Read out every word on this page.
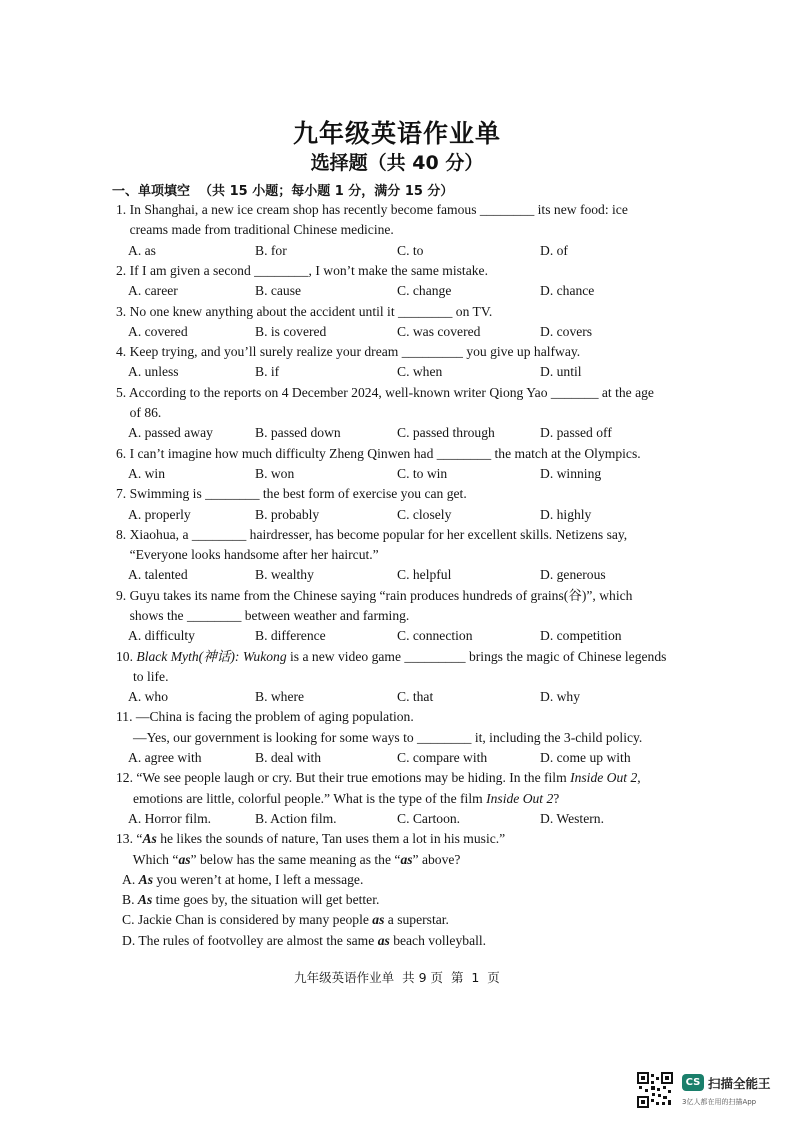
九年级英语作业单
选择题（共 40 分）
一、单项填空  （共 15 小题；每小题 1 分，满分 15 分）
1. In Shanghai, a new ice cream shop has recently become famous ________ its new food: ice
creams made from traditional Chinese medicine.
A. as	B. for	C. to	D. of
2. If I am given a second ________, I won’t make the same mistake.
A. career	B. cause	C. change	D. chance
3. No one knew anything about the accident until it ________ on TV.
A. covered	B. is covered	C. was covered	D. covers
4. Keep trying, and you’ll surely realize your dream _________ you give up halfway.
A. unless	B. if	C. when	D. until
5. According to the reports on 4 December 2024, well-known writer Qiong Yao _______ at the age
of 86.
A. passed away	B. passed down	C. passed through	D. passed off
6. I can’t imagine how much difficulty Zheng Qinwen had ________ the match at the Olympics.
A. win	B. won	C. to win	D. winning
7. Swimming is ________ the best form of exercise you can get.
A. properly	B. probably	C. closely	D. highly
8. Xiaohua, a ________ hairdresser, has become popular for her excellent skills. Netizens say,
“Everyone looks handsome after her haircut.”
A. talented	B. wealthy	C. helpful	D. generous
9. Guyu takes its name from the Chinese saying “rain produces hundreds of grains(谷)”, which
shows the ________ between weather and farming.
A. difficulty	B. difference	C. connection	D. competition
10. Black Myth(神话): Wukong is a new video game _________ brings the magic of Chinese legends
to life.
A. who	B. where	C. that	D. why
11. —China is facing the problem of aging population.
—Yes, our government is looking for some ways to ________ it, including the 3-child policy.
A. agree with	B. deal with	C. compare with	D. come up with
12. “We see people laugh or cry. But their true emotions may be hiding. In the film Inside Out 2,
emotions are little, colorful people.” What is the type of the film Inside Out 2?
A. Horror film.	B. Action film.	C. Cartoon.	D. Western.
13. “As he likes the sounds of nature, Tan uses them a lot in his music.”
Which “as” below has the same meaning as the “as” above?
A. As you weren’t at home, I left a message.
B. As time goes by, the situation will get better.
C. Jackie Chan is considered by many people as a superstar.
D. The rules of footvolley are almost the same as beach volleyball.
九年级英语作业单  共 9 页  第  1  页
CS 扫描全能王
3亿人都在用的扫描App
